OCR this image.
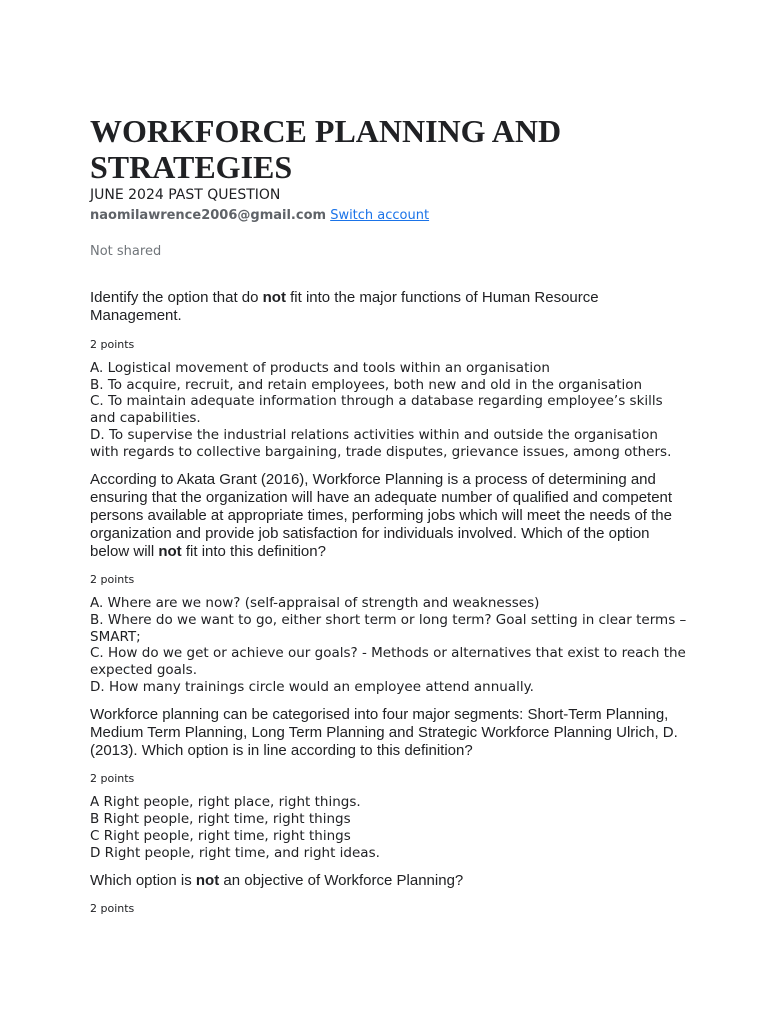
WORKFORCE PLANNING AND STRATEGIES
JUNE 2024 PAST QUESTION
naomilawrence2006@gmail.com Switch account
Not shared
Identify the option that do not fit into the major functions of Human Resource Management.
2 points
A. Logistical movement of products and tools within an organisation
B. To acquire, recruit, and retain employees, both new and old in the organisation
C. To maintain adequate information through a database regarding employee’s skills and capabilities.
D. To supervise the industrial relations activities within and outside the organisation with regards to collective bargaining, trade disputes, grievance issues, among others.
According to Akata Grant (2016), Workforce Planning is a process of determining and ensuring that the organization will have an adequate number of qualified and competent persons available at appropriate times, performing jobs which will meet the needs of the organization and provide job satisfaction for individuals involved. Which of the option below will not fit into this definition?
2 points
A. Where are we now? (self-appraisal of strength and weaknesses)
B. Where do we want to go, either short term or long term? Goal setting in clear terms – SMART;
C. How do we get or achieve our goals? - Methods or alternatives that exist to reach the expected goals.
D. How many trainings circle would an employee attend annually.
Workforce planning can be categorised into four major segments: Short-Term Planning, Medium Term Planning, Long Term Planning and Strategic Workforce Planning Ulrich, D. (2013). Which option is in line according to this definition?
2 points
A Right people, right place, right things.
B Right people, right time, right things
C Right people, right time, right things
D Right people, right time, and right ideas.
Which option is not an objective of Workforce Planning?
2 points
